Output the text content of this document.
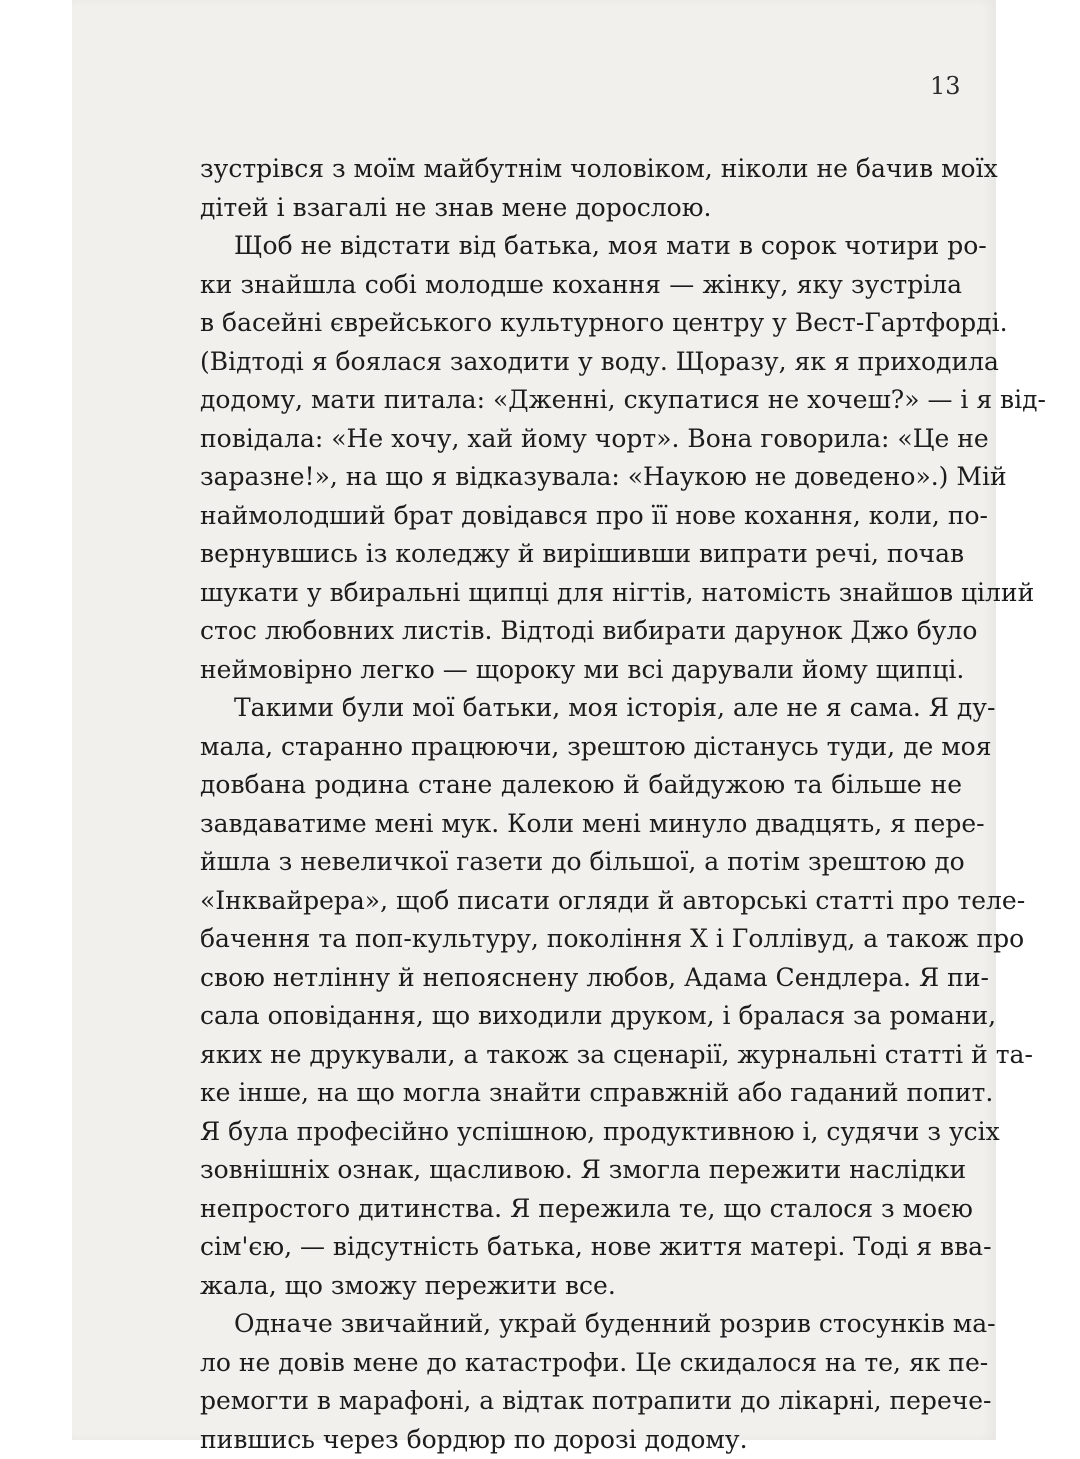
13
зустрівся з моїм майбутнім чоловіком, ніколи не бачив моїх
дітей і взагалі не знав мене дорослою.
Щоб не відстати від батька, моя мати в сорок чотири ро-
ки знайшла собі молодше кохання — жінку, яку зустріла
в басейні єврейського культурного центру у Вест-Гартфорді.
(Відтоді я боялася заходити у воду. Щоразу, як я приходила
додому, мати питала: «Дженні, скупатися не хочеш?» — і я від-
повідала: «Не хочу, хай йому чорт». Вона говорила: «Це не
заразне!», на що я відказувала: «Наукою не доведено».) Мій
наймолодший брат довідався про її нове кохання, коли, по-
вернувшись із коледжу й вирішивши випрати речі, почав
шукати у вбиральні щипці для нігтів, натомість знайшов цілий
стос любовних листів. Відтоді вибирати дарунок Джо було
неймовірно легко — щороку ми всі дарували йому щипці.
Такими були мої батьки, моя історія, але не я сама. Я ду-
мала, старанно працюючи, зрештою дістанусь туди, де моя
довбана родина стане далекою й байдужою та більше не
завдаватиме мені мук. Коли мені минуло двадцять, я пере-
йшла з невеличкої газети до більшої, а потім зрештою до
«Інквайрера», щоб писати огляди й авторські статті про теле-
бачення та поп-культуру, покоління X і Голлівуд, а також про
свою нетлінну й непояснену любов, Адама Сендлера. Я пи-
сала оповідання, що виходили друком, і бралася за романи,
яких не друкували, а також за сценарії, журнальні статті й та-
ке інше, на що могла знайти справжній або гаданий попит.
Я була професійно успішною, продуктивною і, судячи з усіх
зовнішніх ознак, щасливою. Я змогла пережити наслідки
непростого дитинства. Я пережила те, що сталося з моєю
сім'єю, — відсутність батька, нове життя матері. Тоді я вва-
жала, що зможу пережити все.
Одначе звичайний, украй буденний розрив стосунків ма-
ло не довів мене до катастрофи. Це скидалося на те, як пе-
ремогти в марафоні, а відтак потрапити до лікарні, перече-
пившись через бордюр по дорозі додому.
